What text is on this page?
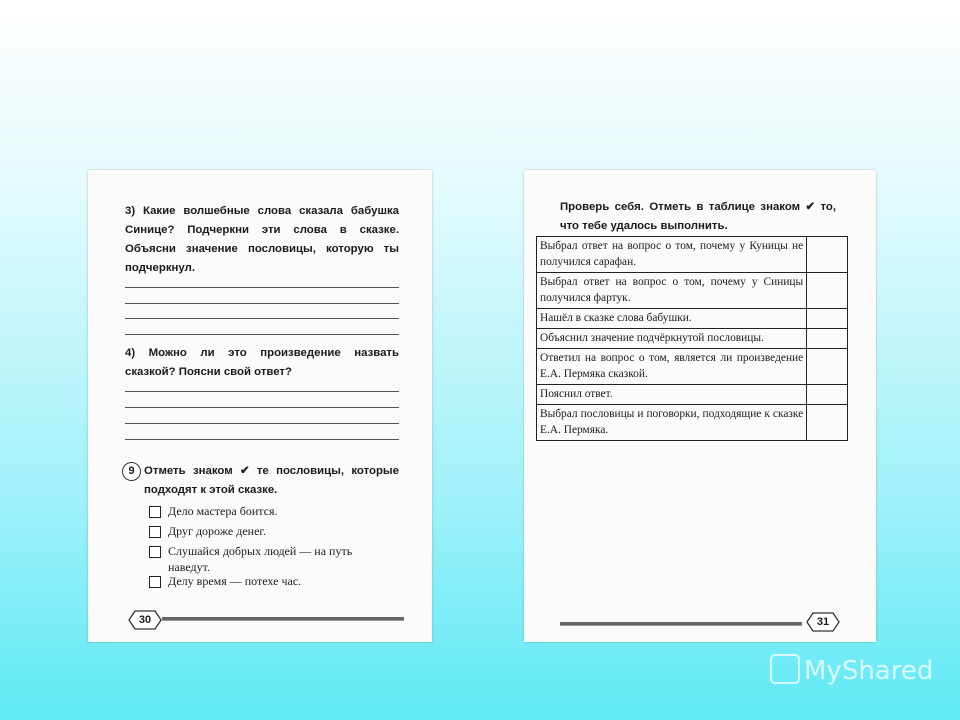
3) Какие волшебные слова сказала бабушка Синице? Подчеркни эти слова в сказке. Объясни значение пословицы, которую ты подчеркнул.
4) Можно ли это произведение назвать сказкой? Поясни свой ответ?
9 Отметь знаком ✔ те пословицы, которые подходят к этой сказке.
Дело мастера боится.
Друг дороже денег.
Слушайся добрых людей — на путь наведут.
Делу время — потехе час.
30
Проверь себя. Отметь в таблице знаком ✔ то, что тебе удалось выполнить.
Выбрал ответ на вопрос о том, почему у Куницы не получился сарафан.	
Выбрал ответ на вопрос о том, почему у Синицы получился фартук.	
Нашёл в сказке слова бабушки.	
Объяснил значение подчёркнутой пословицы.	
Ответил на вопрос о том, является ли произведение Е.А. Пермяка сказкой.	
Пояснил ответ.	
Выбрал пословицы и поговорки, подходящие к сказке Е.А. Пермяка.	
31
MyShared
